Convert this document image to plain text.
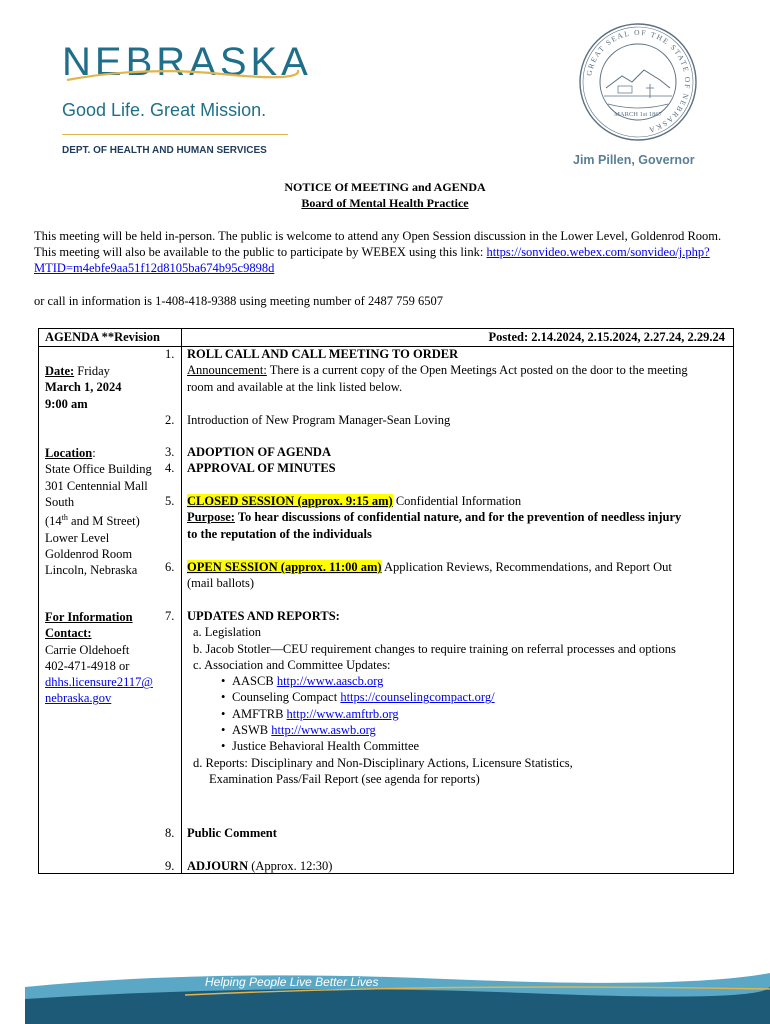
NEBRASKA
Good Life. Great Mission.
DEPT. OF HEALTH AND HUMAN SERVICES
GREAT SEAL OF THE STATE OF NEBRASKA
MARCH 1st 1867
Jim Pillen, Governor
NOTICE Of MEETING and AGENDA
Board of Mental Health Practice
This meeting will be held in-person. The public is welcome to attend any Open Session discussion in the Lower Level, Goldenrod Room. This meeting will also be available to the public to participate by WEBEX using this link: https://sonvideo.webex.com/sonvideo/j.php?MTID=m4ebfe9aa51f12d8105ba674b95c9898d
or call in information is 1-408-418-9388 using meeting number of 2487 759 6507
AGENDA **Revision	Posted: 2.14.2024, 2.15.2024, 2.27.24, 2.29.24
Date: Friday
March 1, 2024
9:00 am
Location:
State Office Building
301 Centennial Mall
South
(14th and M Street)
Lower Level
Goldenrod Room
Lincoln, Nebraska
For Information
Contact:
Carrie Oldehoeft
402-471-4918 or
dhhs.licensure2117@
nebraska.gov
1.	ROLL CALL AND CALL MEETING TO ORDER
Announcement: There is a current copy of the Open Meetings Act posted on the door to the meeting room and available at the link listed below.
2.	Introduction of New Program Manager-Sean Loving
3.	ADOPTION OF AGENDA
4.	APPROVAL OF MINUTES
5.	CLOSED SESSION (approx. 9:15 am) Confidential Information
Purpose: To hear discussions of confidential nature, and for the prevention of needless injury to the reputation of the individuals
6.	OPEN SESSION (approx. 11:00 am) Application Reviews, Recommendations, and Report Out (mail ballots)
7.	UPDATES AND REPORTS:
a. Legislation
b. Jacob Stotler—CEU requirement changes to require training on referral processes and options
c. Association and Committee Updates:
• AASCB http://www.aascb.org
• Counseling Compact https://counselingcompact.org/
• AMFTRB http://www.amftrb.org
• ASWB http://www.aswb.org
• Justice Behavioral Health Committee
d. Reports: Disciplinary and Non-Disciplinary Actions, Licensure Statistics,
Examination Pass/Fail Report (see agenda for reports)
8.	Public Comment
9.	ADJOURN (Approx. 12:30)
Helping People Live Better Lives
